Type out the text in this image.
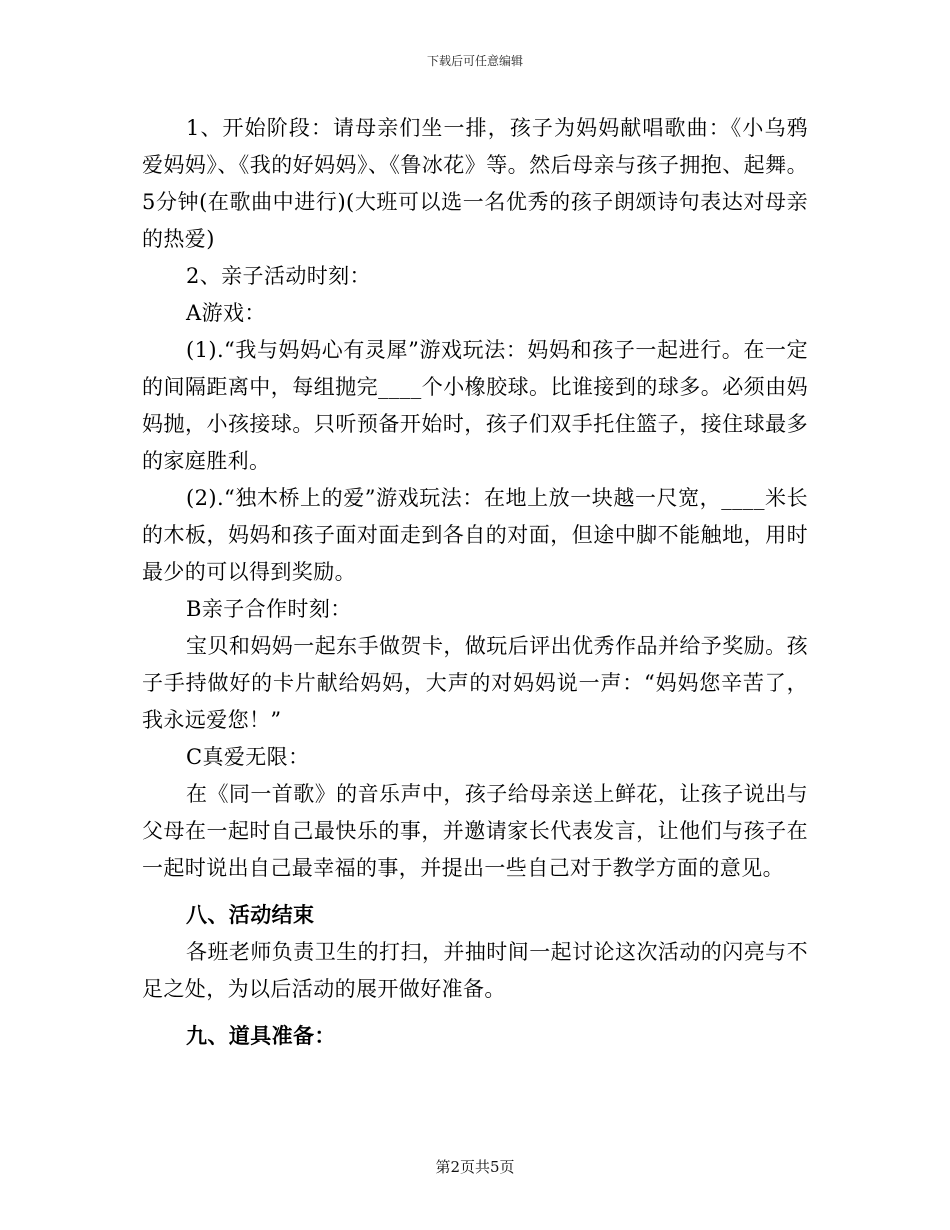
下载后可任意编辑

1、开始阶段：请母亲们坐一排，孩子为妈妈献唱歌曲：《小乌鸦爱妈妈》、《我的好妈妈》、《鲁冰花》等。然后母亲与孩子拥抱、起舞。5分钟(在歌曲中进行)(大班可以选一名优秀的孩子朗颂诗句表达对母亲的热爱)

2、亲子活动时刻：

A游戏：

(1).“我与妈妈心有灵犀”游戏玩法：妈妈和孩子一起进行。在一定的间隔距离中，每组抛完____个小橡胶球。比谁接到的球多。必须由妈妈抛，小孩接球。只听预备开始时，孩子们双手托住篮子，接住球最多的家庭胜利。

(2).“独木桥上的爱”游戏玩法：在地上放一块越一尺宽，____米长的木板，妈妈和孩子面对面走到各自的对面，但途中脚不能触地，用时最少的可以得到奖励。

B亲子合作时刻：

宝贝和妈妈一起东手做贺卡，做玩后评出优秀作品并给予奖励。孩子手持做好的卡片献给妈妈，大声的对妈妈说一声：“妈妈您辛苦了，我永远爱您！”

C真爱无限：

在《同一首歌》的音乐声中，孩子给母亲送上鲜花，让孩子说出与父母在一起时自己最快乐的事，并邀请家长代表发言，让他们与孩子在一起时说出自己最幸福的事，并提出一些自己对于教学方面的意见。

八、活动结束

各班老师负责卫生的打扫，并抽时间一起讨论这次活动的闪亮与不足之处，为以后活动的展开做好准备。

九、道具准备：

第2页共5页
